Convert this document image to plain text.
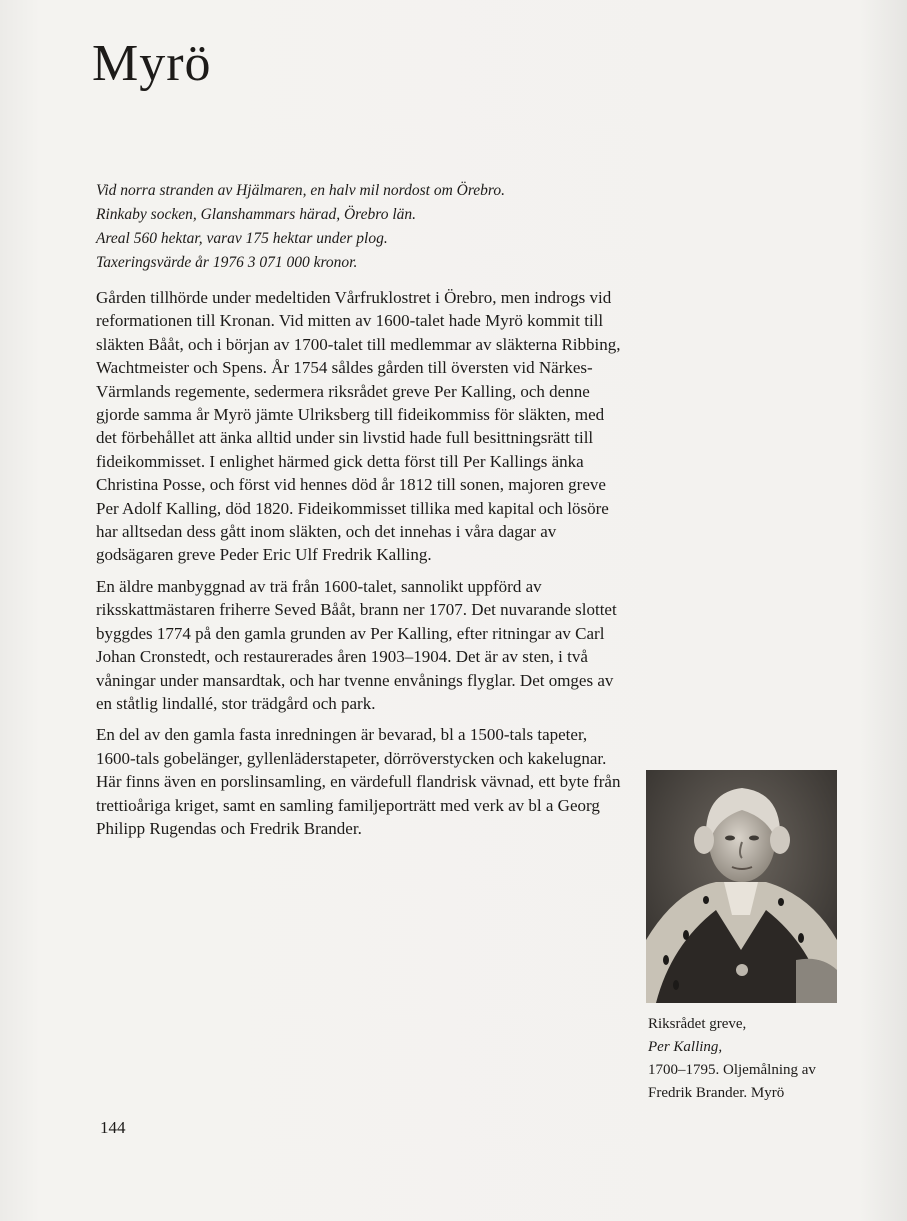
Myrö
Vid norra stranden av Hjälmaren, en halv mil nordost om Örebro.
Rinkaby socken, Glanshammars härad, Örebro län.
Areal 560 hektar, varav 175 hektar under plog.
Taxeringsvärde år 1976 3 071 000 kronor.

Gården tillhörde under medeltiden Vårfruklostret i Örebro, men indrogs vid reformationen till Kronan. Vid mitten av 1600-talet hade Myrö kommit till släkten Bååt, och i början av 1700-talet till medlemmar av släkterna Ribbing, Wachtmeister och Spens. År 1754 såldes gården till översten vid Närkes-Värmlands regemente, sedermera riksrådet greve Per Kalling, och denne gjorde samma år Myrö jämte Ulriksberg till fideikommiss för släkten, med det förbehållet att änka alltid under sin livstid hade full besittningsrätt till fideikommisset. I enlighet härmed gick detta först till Per Kallings änka Christina Posse, och först vid hennes död år 1812 till sonen, majoren greve Per Adolf Kalling, död 1820. Fideikommisset tillika med kapital och lösöre har alltsedan dess gått inom släkten, och det innehas i våra dagar av godsägaren greve Peder Eric Ulf Fredrik Kalling.

En äldre manbyggnad av trä från 1600-talet, sannolikt uppförd av riksskattmästaren friherre Seved Bååt, brann ner 1707. Det nuvarande slottet byggdes 1774 på den gamla grunden av Per Kalling, efter ritningar av Carl Johan Cronstedt, och restaurerades åren 1903–1904. Det är av sten, i två våningar under mansardtak, och har tvenne envånings flyglar. Det omges av en ståtlig lindallé, stor trädgård och park.

En del av den gamla fasta inredningen är bevarad, bl a 1500-tals tapeter, 1600-tals gobelänger, gyllenläderstapeter, dörröverstycken och kakelugnar. Här finns även en porslinsamling, en värdefull flandrisk vävnad, ett byte från trettioåriga kriget, samt en samling familjeporträtt med verk av bl a Georg Philipp Rugendas och Fredrik Brander.

Riksrådet greve,
Per Kalling,
1700–1795. Oljemålning av
Fredrik Brander. Myrö
144
